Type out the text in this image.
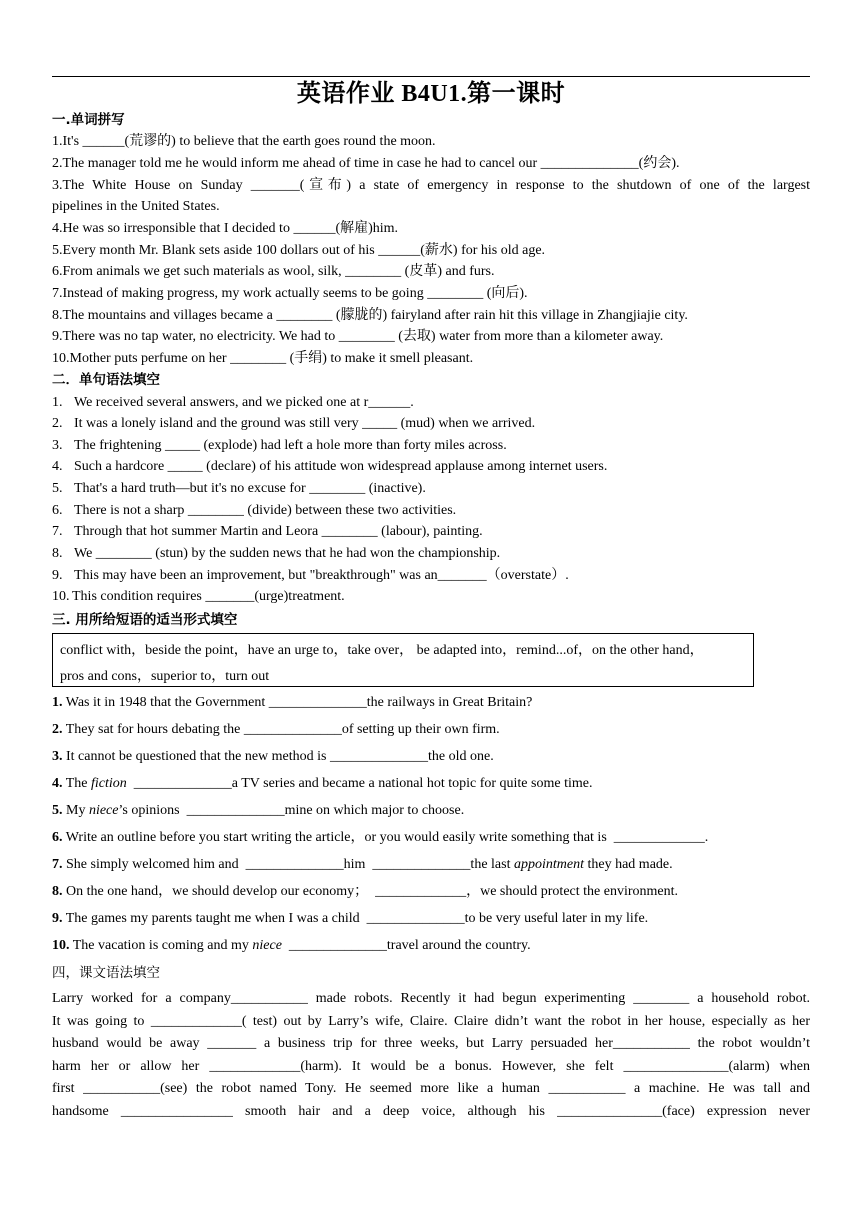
英语作业 B4U1.第一课时
一.单词拼写
1.It's ______(荒谬的) to believe that the earth goes round the moon.
2.The manager told me he would inform me ahead of time in case he had to cancel our ______________(约会).
3.The White House on Sunday _______(宣布) a state of emergency in response to the shutdown of one of the largest
pipelines in the United States.
4.He was so irresponsible that I decided to ______(解雇)him.
5.Every month Mr. Blank sets aside 100 dollars out of his ______(薪水) for his old age.
6.From animals we get such materials as wool, silk, ________ (皮革) and furs.
7.Instead of making progress, my work actually seems to be going ________ (向后).
8.The mountains and villages became a ________ (朦胧的) fairyland after rain hit this village in Zhangjiajie city.
9.There was no tap water, no electricity. We had to ________ (去取) water from more than a kilometer away.
10.Mother puts perfume on her ________ (手绢) to make it smell pleasant.
二．单句语法填空
1. We received several answers, and we picked one at r______.
2. It was a lonely island and the ground was still very _____ (mud) when we arrived.
3. The frightening _____ (explode) had left a hole more than forty miles across.
4. Such a hardcore _____ (declare) of his attitude won widespread applause among internet users.
5. That's a hard truth—but it's no excuse for ________ (inactive).
6. There is not a sharp ________ (divide) between these two activities.
7. Through that hot summer Martin and Leora ________ (labour), painting.
8. We ________ (stun) by the sudden news that he had won the championship.
9. This may have been an improvement, but "breakthrough" was an_______（overstate）.
10. This condition requires _______(urge)treatment.
三. 用所给短语的适当形式填空
conflict with，beside the point，have an urge to，take over， be adapted into，remind...of，on the other hand，
pros and cons，superior to，turn out
1. Was it in 1948 that the Government ______________the railways in Great Britain?
2. They sat for hours debating the ______________of setting up their own firm.
3. It cannot be questioned that the new method is ______________the old one.
4. The fiction ______________a TV series and became a national hot topic for quite some time.
5. My niece’s opinions  ______________mine on which major to choose.
6. Write an outline before you start writing the article，or you would easily write something that is  _____________.
7. She simply welcomed him and  ______________him  ______________the last appointment they had made.
8. On the one hand，we should develop our economy；  _____________，we should protect the environment.
9. The games my parents taught me when I was a child  ______________to be very useful later in my life.
10. The vacation is coming and my niece ______________travel around the country.
四，课文语法填空
Larry worked for a company___________ made robots. Recently it had begun experimenting ________ a household robot.
It was going to _____________( test) out by Larry’s wife, Claire. Claire didn’t want the robot in her house, especially as her
husband would be away _______ a business trip for three weeks, but Larry persuaded her___________ the robot wouldn’t
harm her or allow her _____________(harm). It would be a bonus. However, she felt _______________(alarm) when
first ___________(see) the robot named Tony. He seemed more like a human ___________ a machine. He was tall and
handsome ________________ smooth hair and a deep voice, although his _______________(face) expression never
